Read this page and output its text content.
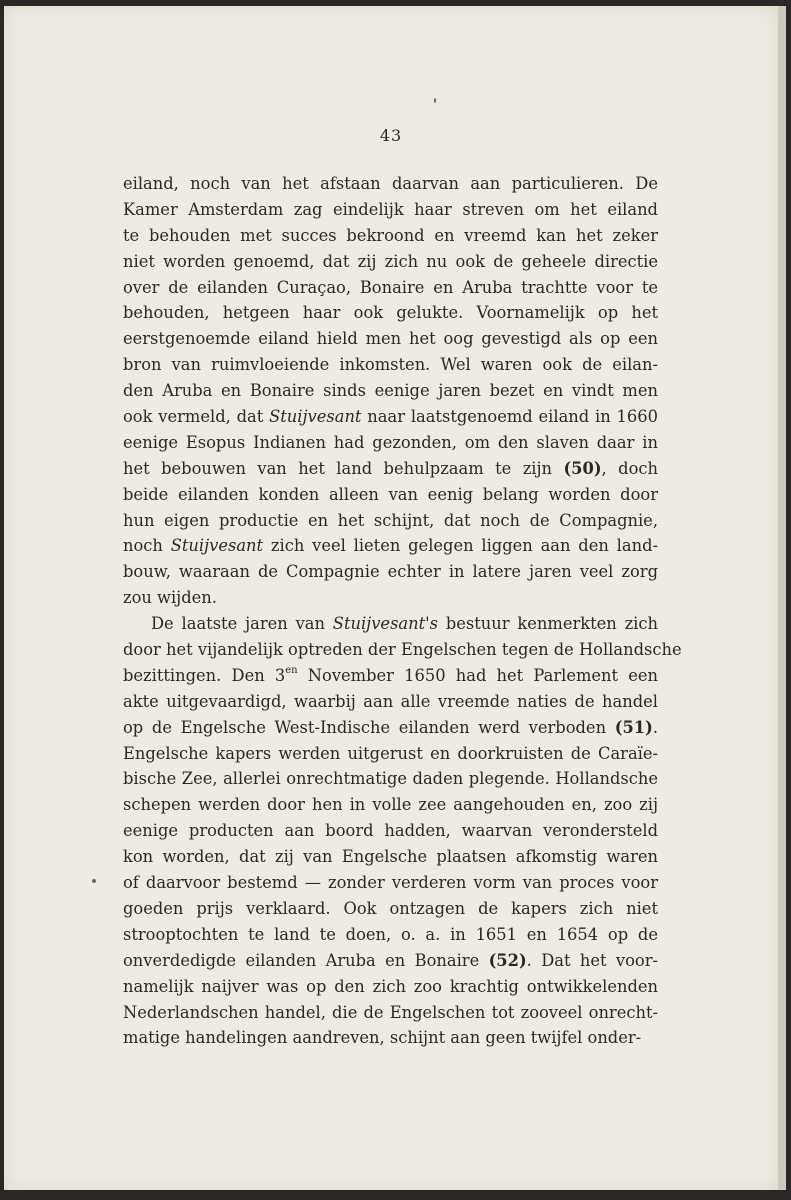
43
eiland, noch van het afstaan daarvan aan particulieren. De
Kamer Amsterdam zag eindelijk haar streven om het eiland
te behouden met succes bekroond en vreemd kan het zeker
niet worden genoemd, dat zij zich nu ook de geheele directie
over de eilanden Curaçao, Bonaire en Aruba trachtte voor te
behouden, hetgeen haar ook gelukte. Voornamelijk op het
eerstgenoemde eiland hield men het oog gevestigd als op een
bron van ruimvloeiende inkomsten. Wel waren ook de eilan-
den Aruba en Bonaire sinds eenige jaren bezet en vindt men
ook vermeld, dat Stuijvesant naar laatstgenoemd eiland in 1660
eenige Esopus Indianen had gezonden, om den slaven daar in
het bebouwen van het land behulpzaam te zijn (50), doch
beide eilanden konden alleen van eenig belang worden door
hun eigen productie en het schijnt, dat noch de Compagnie,
noch Stuijvesant zich veel lieten gelegen liggen aan den land-
bouw, waaraan de Compagnie echter in latere jaren veel zorg
zou wijden.
De laatste jaren van Stuijvesant's bestuur kenmerkten zich
door het vijandelijk optreden der Engelschen tegen de Hollandsche
bezittingen. Den $3^{en}$ November 1650 had het Parlement een
akte uitgevaardigd, waarbij aan alle vreemde naties de handel
op de Engelsche West-Indische eilanden werd verboden (51).
Engelsche kapers werden uitgerust en doorkruisten de Caraïe-
bische Zee, allerlei onrechtmatige daden plegende. Hollandsche
schepen werden door hen in volle zee aangehouden en, zoo zij
eenige producten aan boord hadden, waarvan verondersteld
kon worden, dat zij van Engelsche plaatsen afkomstig waren
of daarvoor bestemd — zonder verderen vorm van proces voor
goeden prijs verklaard. Ook ontzagen de kapers zich niet
strooptochten te land te doen, o. a. in 1651 en 1654 op de
onverdedigde eilanden Aruba en Bonaire (52). Dat het voor-
namelijk naijver was op den zich zoo krachtig ontwikkelenden
Nederlandschen handel, die de Engelschen tot zooveel onrecht-
matige handelingen aandreven, schijnt aan geen twijfel onder-
